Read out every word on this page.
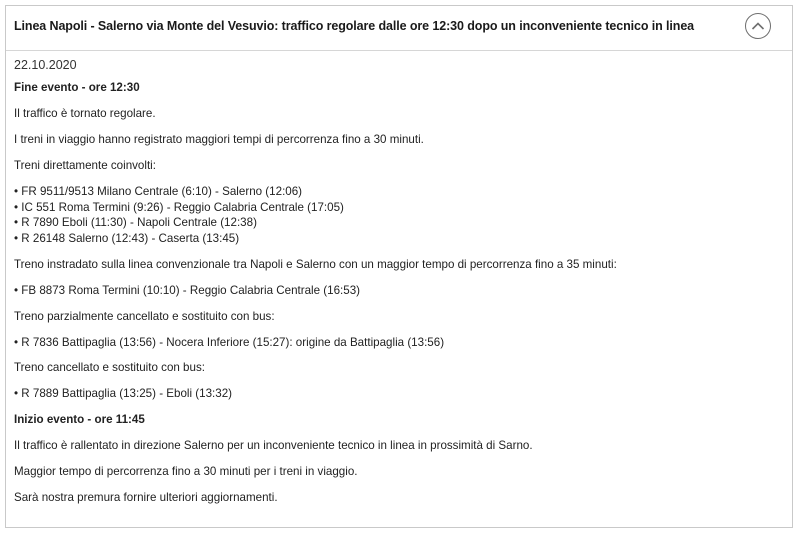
Linea Napoli - Salerno via Monte del Vesuvio: traffico regolare dalle ore 12:30 dopo un inconveniente tecnico in linea
22.10.2020
Fine evento - ore 12:30
Il traffico è tornato regolare.
I treni in viaggio hanno registrato maggiori tempi di percorrenza fino a 30 minuti.
Treni direttamente coinvolti:
• FR 9511/9513 Milano Centrale (6:10) - Salerno (12:06)
• IC 551 Roma Termini (9:26) - Reggio Calabria Centrale (17:05)
• R 7890 Eboli (11:30) - Napoli Centrale (12:38)
• R 26148 Salerno (12:43) - Caserta (13:45)
Treno instradato sulla linea convenzionale tra Napoli e Salerno con un maggior tempo di percorrenza fino a 35 minuti:
• FB 8873 Roma Termini (10:10) - Reggio Calabria Centrale (16:53)
Treno parzialmente cancellato e sostituito con bus:
• R 7836 Battipaglia (13:56) - Nocera Inferiore (15:27): origine da Battipaglia (13:56)
Treno cancellato e sostituito con bus:
• R 7889 Battipaglia (13:25) - Eboli (13:32)
Inizio evento - ore 11:45
Il traffico è rallentato in direzione Salerno per un inconveniente tecnico in linea in prossimità di Sarno.
Maggior tempo di percorrenza fino a 30 minuti per i treni in viaggio.
Sarà nostra premura fornire ulteriori aggiornamenti.
